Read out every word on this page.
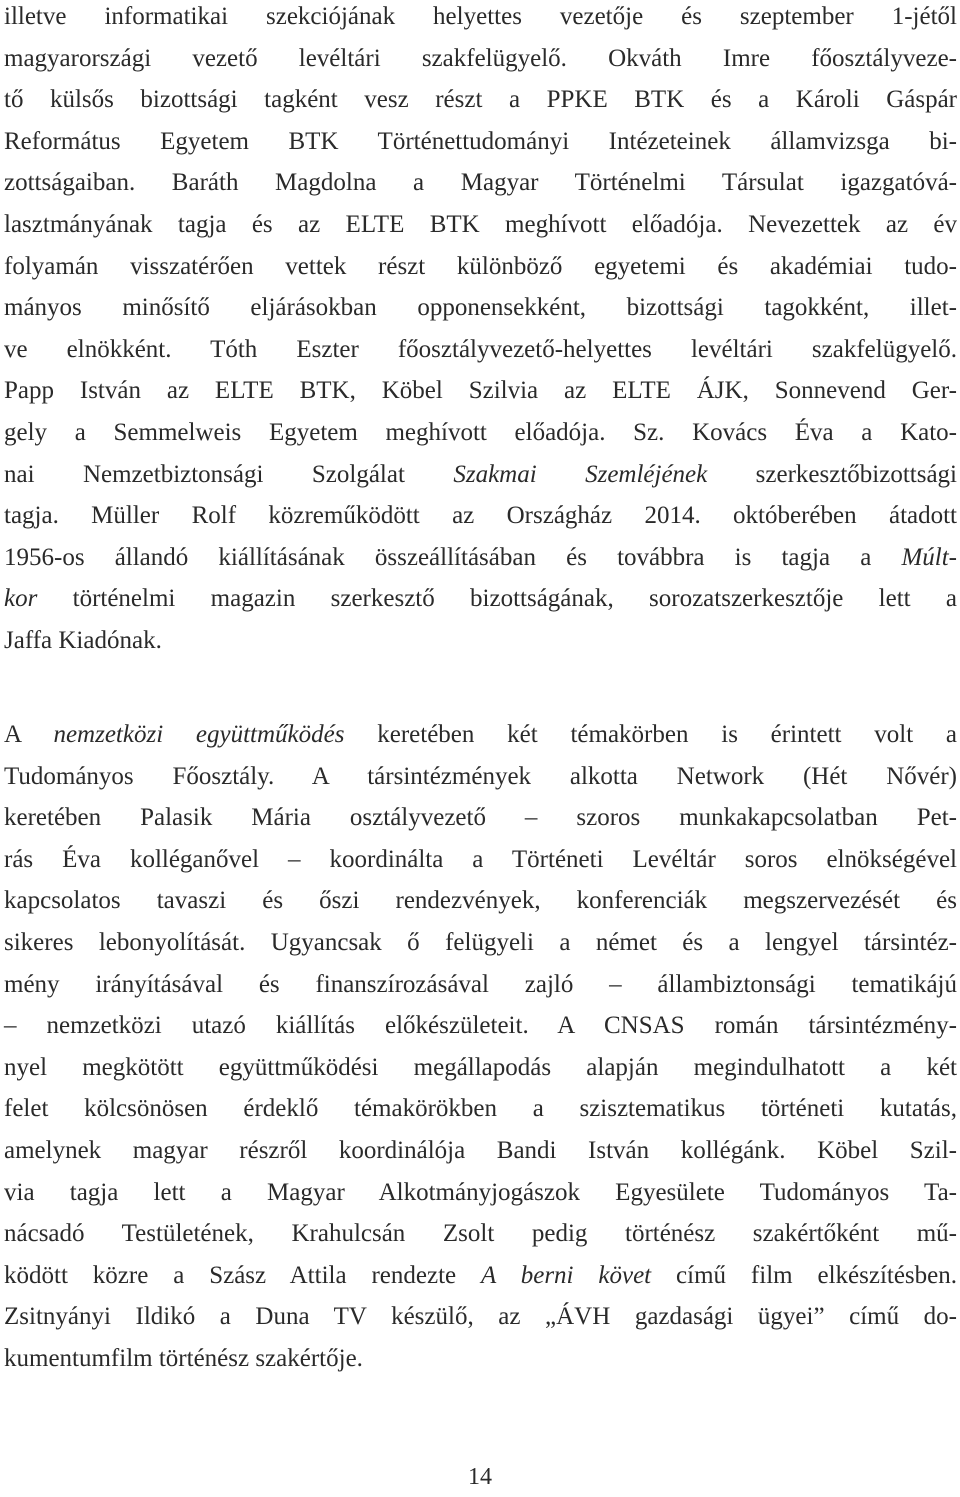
illetve informatikai szekciójának helyettes vezetője és szeptember 1-jétől
magyarországi vezető levéltári szakfelügyelő. Okváth Imre főosztályveze-
tő külsős bizottsági tagként vesz részt a PPKE BTK és a Károli Gáspár
Református Egyetem BTK Történettudományi Intézeteinek államvizsga bi-
zottságaiban. Baráth Magdolna a Magyar Történelmi Társulat igazgatóvá-
lasztmányának tagja és az ELTE BTK meghívott előadója. Nevezettek az év
folyamán visszatérően vettek részt különböző egyetemi és akadémiai tudo-
mányos minősítő eljárásokban opponensekként, bizottsági tagokként, illet-
ve elnökként. Tóth Eszter főosztályvezető-helyettes levéltári szakfelügyelő.
Papp István az ELTE BTK, Köbel Szilvia az ELTE ÁJK, Sonnevend Ger-
gely a Semmelweis Egyetem meghívott előadója. Sz. Kovács Éva a Kato-
nai Nemzetbiztonsági Szolgálat Szakmai Szemléjének szerkesztőbizottsági
tagja. Müller Rolf közreműködött az Országház 2014. októberében átadott
1956-os állandó kiállításának összeállításában és továbbra is tagja a Múlt-
kor történelmi magazin szerkesztő bizottságának, sorozatszerkesztője lett a
Jaffa Kiadónak.
A nemzetközi együttműködés keretében két témakörben is érintett volt a
Tudományos Főosztály. A társintézmények alkotta Network (Hét Nővér)
keretében Palasik Mária osztályvezető – szoros munkakapcsolatban Pet-
rás Éva kolléganővel – koordinálta a Történeti Levéltár soros elnökségével
kapcsolatos tavaszi és őszi rendezvények, konferenciák megszervezését és
sikeres lebonyolítását. Ugyancsak ő felügyeli a német és a lengyel társintéz-
mény irányításával és finanszírozásával zajló – állambiztonsági tematikájú
– nemzetközi utazó kiállítás előkészületeit. A CNSAS román társintézmény-
nyel megkötött együttműködési megállapodás alapján megindulhatott a két
felet kölcsönösen érdeklő témakörökben a szisztematikus történeti kutatás,
amelynek magyar részről koordinálója Bandi István kollégánk. Köbel Szil-
via tagja lett a Magyar Alkotmányjogászok Egyesülete Tudományos Ta-
nácsadó Testületének, Krahulcsán Zsolt pedig történész szakértőként mű-
ködött közre a Szász Attila rendezte A berni követ című film elkészítésben.
Zsitnyányi Ildikó a Duna TV készülő, az „ÁVH gazdasági ügyei” című do-
kumentumfilm történész szakértője.
14
